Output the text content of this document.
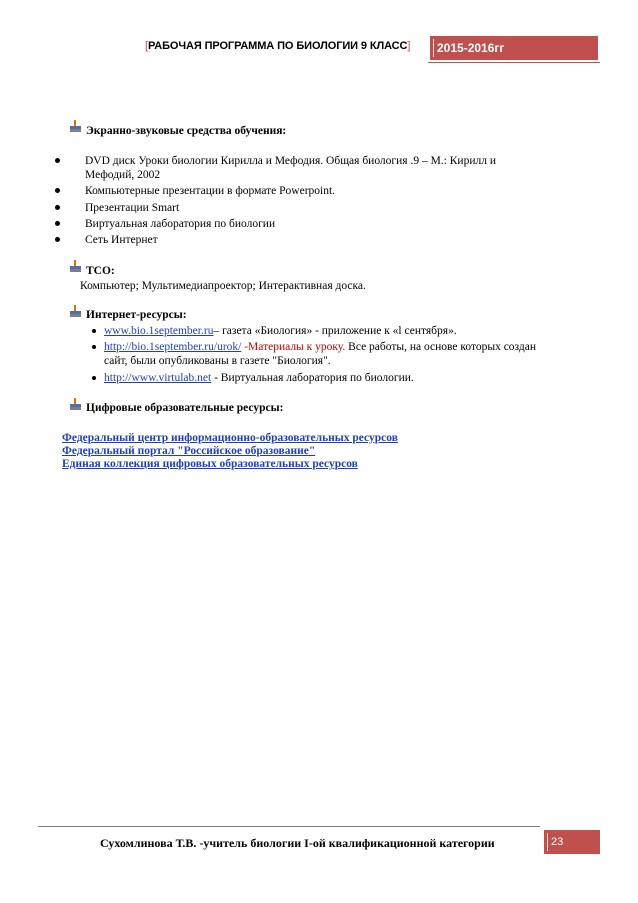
[РАБОЧАЯ ПРОГРАММА ПО БИОЛОГИИ 9 КЛАСС]	2015-2016гг
Экранно-звуковые средства обучения:
DVD диск Уроки биологии Кирилла и Мефодия. Общая биология .9 – М.: Кирилл и
Мефодий, 2002
Компьютерные презентации в формате Powerpoint.
Презентации Smart
Виртуальная лаборатория по биологии
Сеть Интернет
ТСО:
Компьютер; Мультимедиапроектор; Интерактивная доска.
Интернет-ресурсы:
www.bio.1september.ru– газета «Биология» - приложение к «l сентября».
http://bio.1september.ru/urok/ -Материалы к уроку. Все работы, на основе которых создан
сайт, были опубликованы в газете "Биология".
http://www.virtulab.net - Виртуальная лаборатория по биологии.
Цифровые образовательные ресурсы:
Федеральный центр информационно-образовательных ресурсов
Федеральный портал "Российское образование"
Единая коллекция цифровых образовательных ресурсов
Сухомлинова Т.В. -учитель биологии I-ой квалификационной категории	23
